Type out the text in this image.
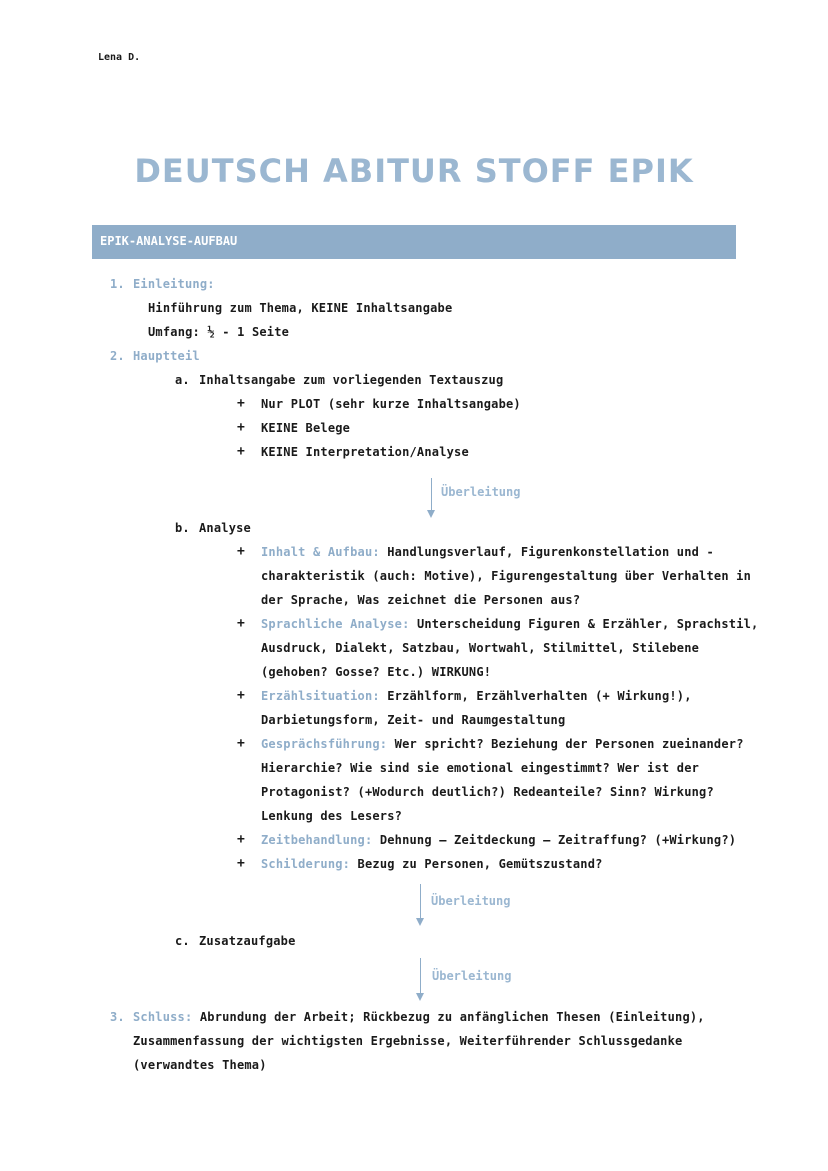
Lena D.
DEUTSCH ABITUR STOFF EPIK
EPIK-ANALYSE-AUFBAU
1. Einleitung:
Hinführung zum Thema, KEINE Inhaltsangabe
Umfang: ½ - 1 Seite
2. Hauptteil
a. Inhaltsangabe zum vorliegenden Textauszug
+ Nur PLOT (sehr kurze Inhaltsangabe)
+ KEINE Belege
+ KEINE Interpretation/Analyse
Überleitung
b. Analyse
+ Inhalt & Aufbau: Handlungsverlauf, Figurenkonstellation und -
charakteristik (auch: Motive), Figurengestaltung über Verhalten in
der Sprache, Was zeichnet die Personen aus?
+ Sprachliche Analyse: Unterscheidung Figuren & Erzähler, Sprachstil,
Ausdruck, Dialekt, Satzbau, Wortwahl, Stilmittel, Stilebene
(gehoben? Gosse? Etc.) WIRKUNG!
+ Erzählsituation: Erzählform, Erzählverhalten (+ Wirkung!),
Darbietungsform, Zeit- und Raumgestaltung
+ Gesprächsführung: Wer spricht? Beziehung der Personen zueinander?
Hierarchie? Wie sind sie emotional eingestimmt? Wer ist der
Protagonist? (+Wodurch deutlich?) Redeanteile? Sinn? Wirkung?
Lenkung des Lesers?
+ Zeitbehandlung: Dehnung – Zeitdeckung – Zeitraffung? (+Wirkung?)
+ Schilderung: Bezug zu Personen, Gemütszustand?
Überleitung
c. Zusatzaufgabe
Überleitung
3. Schluss: Abrundung der Arbeit; Rückbezug zu anfänglichen Thesen (Einleitung),
Zusammenfassung der wichtigsten Ergebnisse, Weiterführender Schlussgedanke
(verwandtes Thema)
